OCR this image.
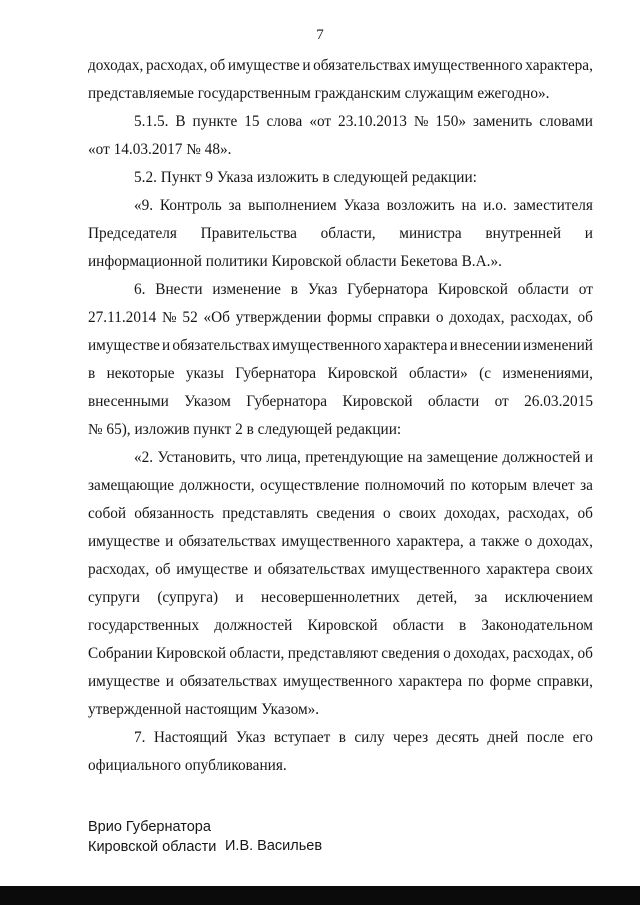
7
доходах, расходах, об имуществе и обязательствах имущественного характера,
представляемые государственным гражданским служащим ежегодно».
5.1.5. В пункте 15 слова «от 23.10.2013 № 150» заменить словами
«от 14.03.2017 № 48».
5.2. Пункт 9 Указа изложить в следующей редакции:
«9. Контроль за выполнением Указа возложить на и.о. заместителя
Председателя Правительства области, министра внутренней и
информационной политики Кировской области Бекетова В.А.».
6. Внести изменение в Указ Губернатора Кировской области от
27.11.2014 № 52 «Об утверждении формы справки о доходах, расходах, об
имуществе и обязательствах имущественного характера и внесении изменений
в некоторые указы Губернатора Кировской области» (с изменениями,
внесенными Указом Губернатора Кировской области от 26.03.2015
№ 65), изложив пункт 2 в следующей редакции:
«2. Установить, что лица, претендующие на замещение должностей и
замещающие должности, осуществление полномочий по которым влечет за
собой обязанность представлять сведения о своих доходах, расходах, об
имуществе и обязательствах имущественного характера, а также о доходах,
расходах, об имуществе и обязательствах имущественного характера своих
супруги (супруга) и несовершеннолетних детей, за исключением
государственных должностей Кировской области в Законодательном
Собрании Кировской области, представляют сведения о доходах, расходах, об
имуществе и обязательствах имущественного характера по форме справки,
утвержденной настоящим Указом».
7. Настоящий Указ вступает в силу через десять дней после его
официального опубликования.
Врио Губернатора
Кировской области И.В. Васильев
